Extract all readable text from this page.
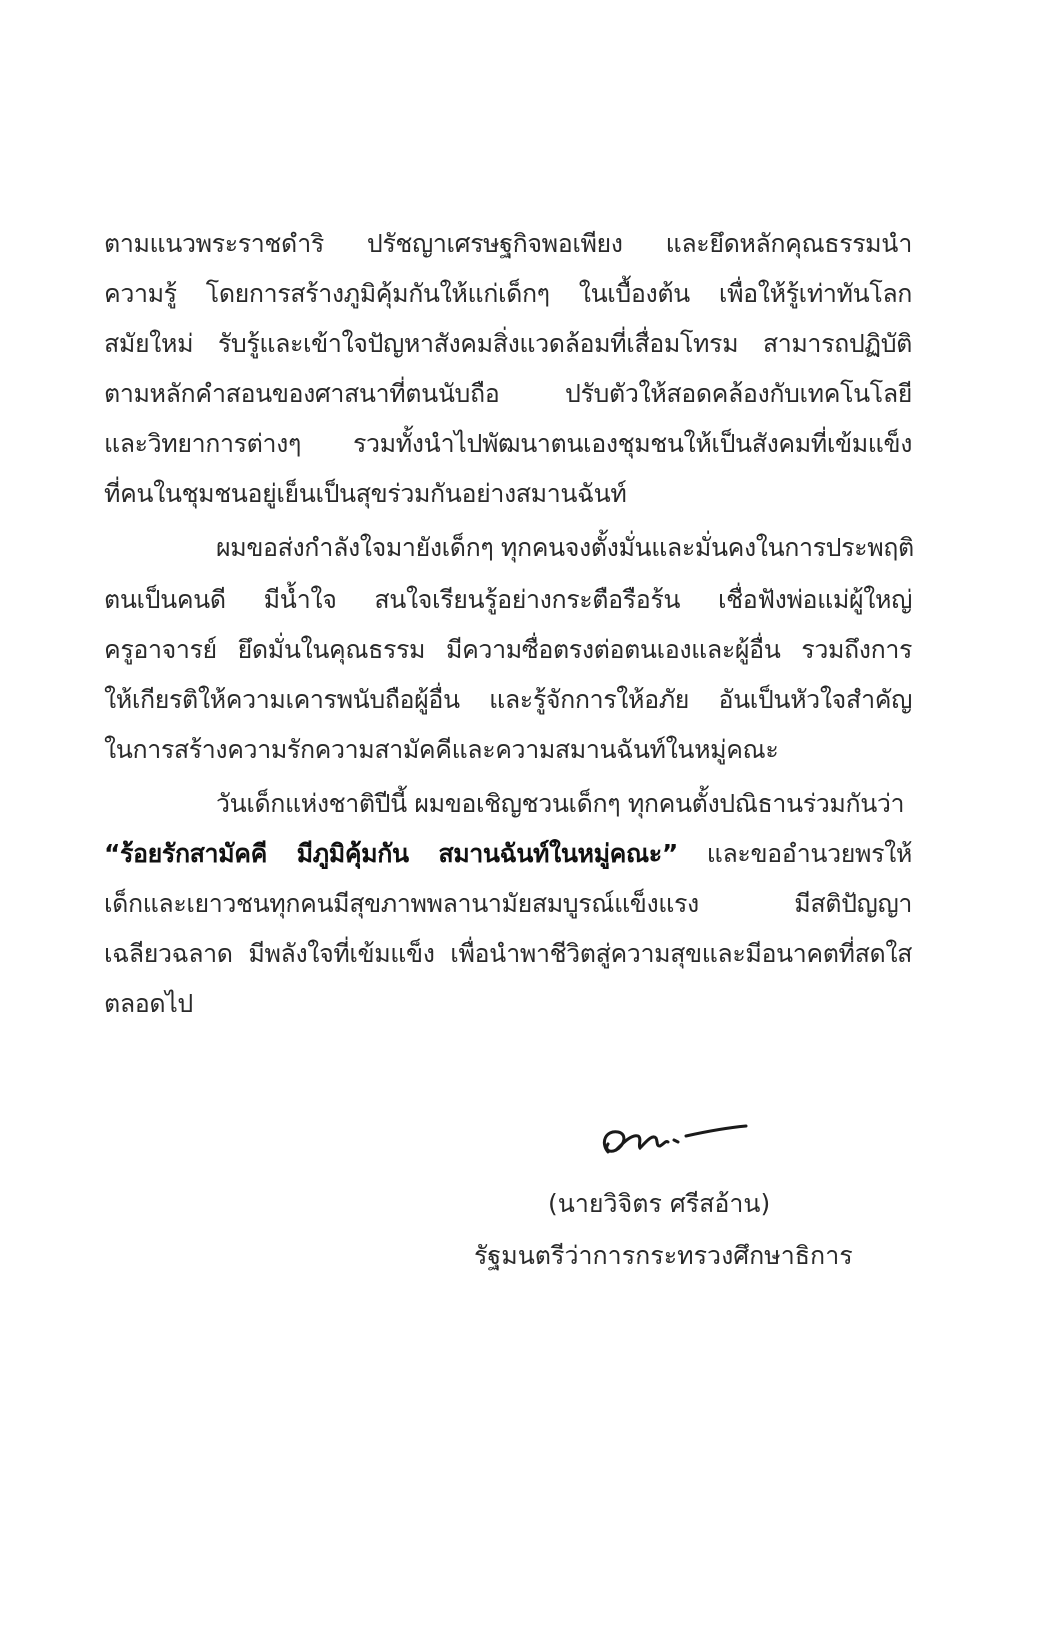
ตามแนวพระราชดำริ ปรัชญาเศรษฐกิจพอเพียง และยึดหลักคุณธรรมนำ
ความรู้ โดยการสร้างภูมิคุ้มกันให้แก่เด็กๆ ในเบื้องต้น เพื่อให้รู้เท่าทันโลก
สมัยใหม่ รับรู้และเข้าใจปัญหาสังคมสิ่งแวดล้อมที่เสื่อมโทรม สามารถปฏิบัติ
ตามหลักคำสอนของศาสนาที่ตนนับถือ ปรับตัวให้สอดคล้องกับเทคโนโลยี
และวิทยาการต่างๆ รวมทั้งนำไปพัฒนาตนเองชุมชนให้เป็นสังคมที่เข้มแข็ง
ที่คนในชุมชนอยู่เย็นเป็นสุขร่วมกันอย่างสมานฉันท์
ผมขอส่งกำลังใจมายังเด็กๆ ทุกคนจงตั้งมั่นและมั่นคงในการประพฤติ
ตนเป็นคนดี มีน้ำใจ สนใจเรียนรู้อย่างกระตือรือร้น เชื่อฟังพ่อแม่ผู้ใหญ่
ครูอาจารย์ ยึดมั่นในคุณธรรม มีความซื่อตรงต่อตนเองและผู้อื่น รวมถึงการ
ให้เกียรติให้ความเคารพนับถือผู้อื่น และรู้จักการให้อภัย อันเป็นหัวใจสำคัญ
ในการสร้างความรักความสามัคคีและความสมานฉันท์ในหมู่คณะ
วันเด็กแห่งชาติปีนี้ ผมขอเชิญชวนเด็กๆ ทุกคนตั้งปณิธานร่วมกันว่า
“ร้อยรักสามัคคี มีภูมิคุ้มกัน สมานฉันท์ในหมู่คณะ” และขออำนวยพรให้
เด็กและเยาวชนทุกคนมีสุขภาพพลานามัยสมบูรณ์แข็งแรง มีสติปัญญา
เฉลียวฉลาด มีพลังใจที่เข้มแข็ง เพื่อนำพาชีวิตสู่ความสุขและมีอนาคตที่สดใส
ตลอดไป
(นายวิจิตร ศรีสอ้าน)
รัฐมนตรีว่าการกระทรวงศึกษาธิการ
